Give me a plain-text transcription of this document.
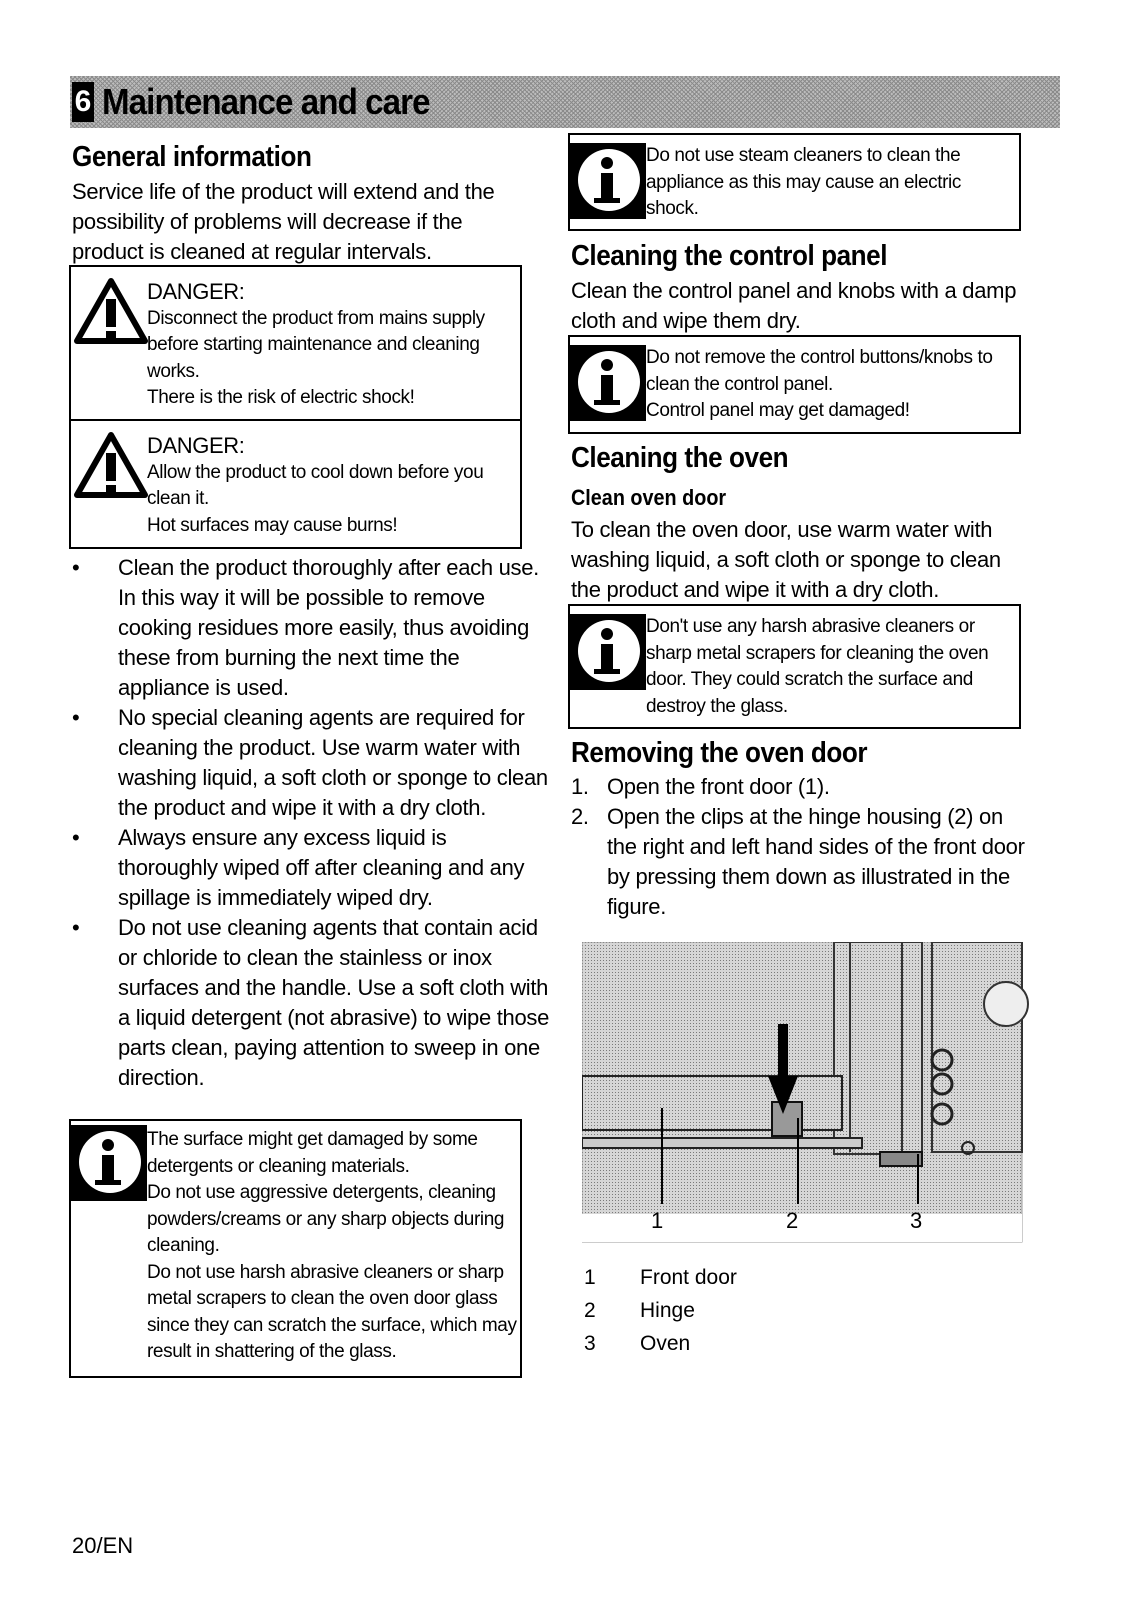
6 Maintenance and care
General information

Service life of the product will extend and the possibility of problems will decrease if the product is cleaned at regular intervals.

DANGER:
Disconnect the product from mains supply before starting maintenance and cleaning works.
There is the risk of electric shock!
DANGER:
Allow the product to cool down before you clean it.
Hot surfaces may cause burns!
• Clean the product thoroughly after each use. In this way it will be possible to remove cooking residues more easily, thus avoiding these from burning the next time the appliance is used.
• No special cleaning agents are required for cleaning the product. Use warm water with washing liquid, a soft cloth or sponge to clean the product and wipe it with a dry cloth.
• Always ensure any excess liquid is thoroughly wiped off after cleaning and any spillage is immediately wiped dry.
• Do not use cleaning agents that contain acid or chloride to clean the stainless or inox surfaces and the handle. Use a soft cloth with a liquid detergent (not abrasive) to wipe those parts clean, paying attention to sweep in one direction.
The surface might get damaged by some detergents or cleaning materials.
Do not use aggressive detergents, cleaning powders/creams or any sharp objects during cleaning.
Do not use harsh abrasive cleaners or sharp metal scrapers to clean the oven door glass since they can scratch the surface, which may result in shattering of the glass.
Do not use steam cleaners to clean the appliance as this may cause an electric shock.
Cleaning the control panel

Clean the control panel and knobs with a damp cloth and wipe them dry.

Do not remove the control buttons/knobs to clean the control panel.
Control panel may get damaged!
Cleaning the oven
Clean oven door

To clean the oven door, use warm water with washing liquid, a soft cloth or sponge to clean the product and wipe it with a dry cloth.

Don't use any harsh abrasive cleaners or sharp metal scrapers for cleaning the oven door. They could scratch the surface and destroy the glass.
Removing the oven door
1. Open the front door (1).
2. Open the clips at the hinge housing (2) on the right and left hand sides of the front door by pressing them down as illustrated in the figure.
1	2	3
1 Front door
2 Hinge
3 Oven
20/EN
